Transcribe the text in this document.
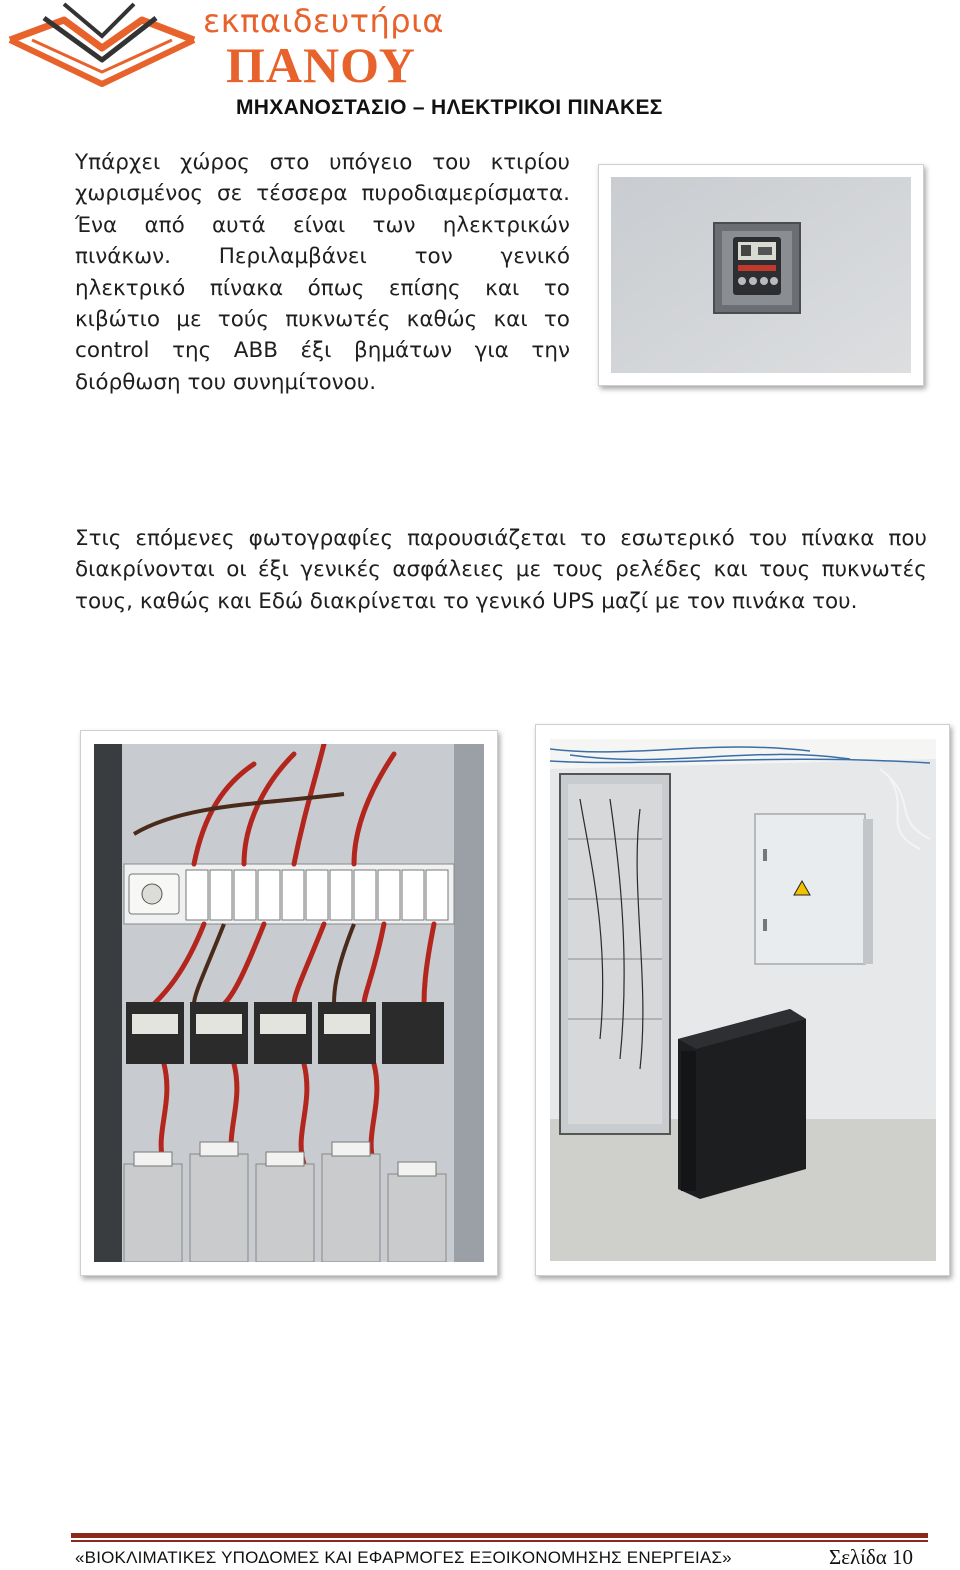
εκπαιδευτήρια
ΠΑΝΟΥ
ΜΗΧΑΝΟΣΤΑΣΙΟ – ΗΛΕΚΤΡΙΚΟΙ ΠΙΝΑΚΕΣ
Υπάρχει χώρος στο υπόγειο του κτιρίου
χωρισμένος σε τέσσερα πυροδιαμερίσματα.
Ένα από αυτά είναι των ηλεκτρικών
πινάκων. Περιλαμβάνει τον γενικό
ηλεκτρικό πίνακα όπως επίσης και το
κιβώτιο με τούς πυκνωτές καθώς και το
control της ABB έξι βημάτων για την
διόρθωση του συνημίτονου.
Στις επόμενες φωτογραφίες παρουσιάζεται το εσωτερικό του πίνακα που
διακρίνονται οι έξι γενικές ασφάλειες με τους ρελέδες και τους πυκνωτές
τους, καθώς και Εδώ διακρίνεται το γενικό UPS μαζί με τον πινάκα του.
«ΒΙΟΚΛΙΜΑΤΙΚΕΣ ΥΠΟΔΟΜΕΣ ΚΑΙ ΕΦΑΡΜΟΓΕΣ ΕΞΟΙΚΟΝΟΜΗΣΗΣ ΕΝΕΡΓΕΙΑΣ»	Σελίδα 10
